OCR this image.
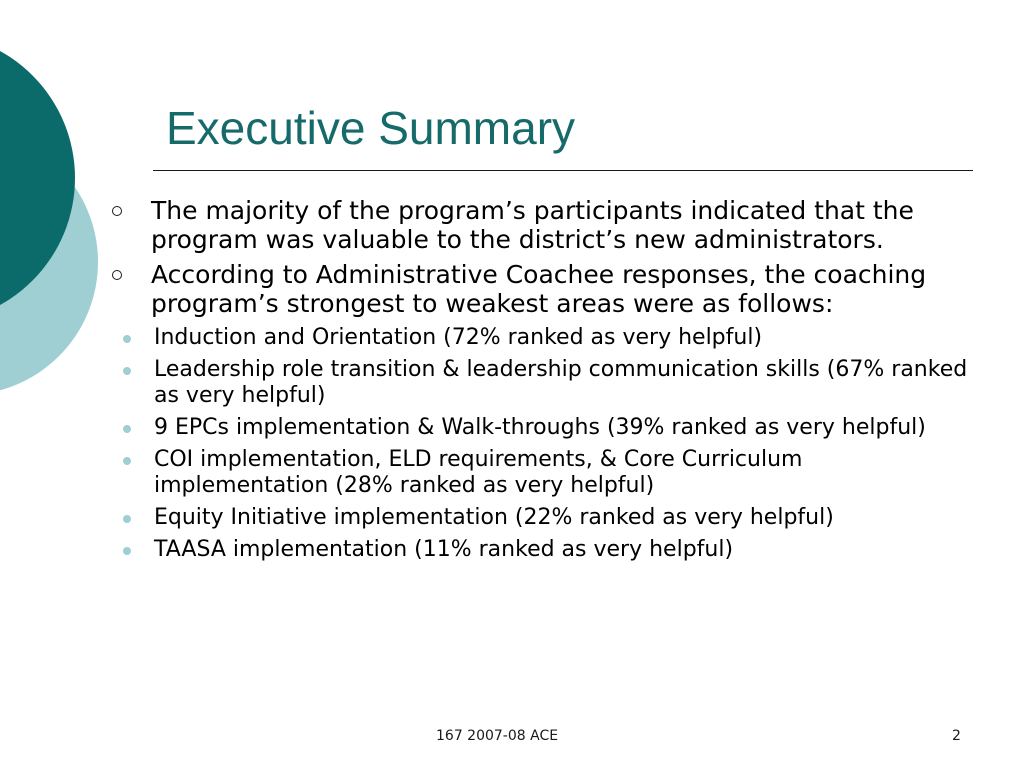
Executive Summary
The majority of the program’s participants indicated that the program was valuable to the district’s new administrators.
According to Administrative Coachee responses, the coaching program’s strongest to weakest areas were as follows:
Induction and Orientation (72% ranked as very helpful)
Leadership role transition & leadership communication skills (67% ranked as very helpful)
9 EPCs implementation & Walk-throughs (39% ranked as very helpful)
COI implementation, ELD requirements, & Core Curriculum implementation (28% ranked as very helpful)
Equity Initiative implementation (22% ranked as very helpful)
TAASA implementation (11% ranked as very helpful)
167 2007-08 ACE	2
